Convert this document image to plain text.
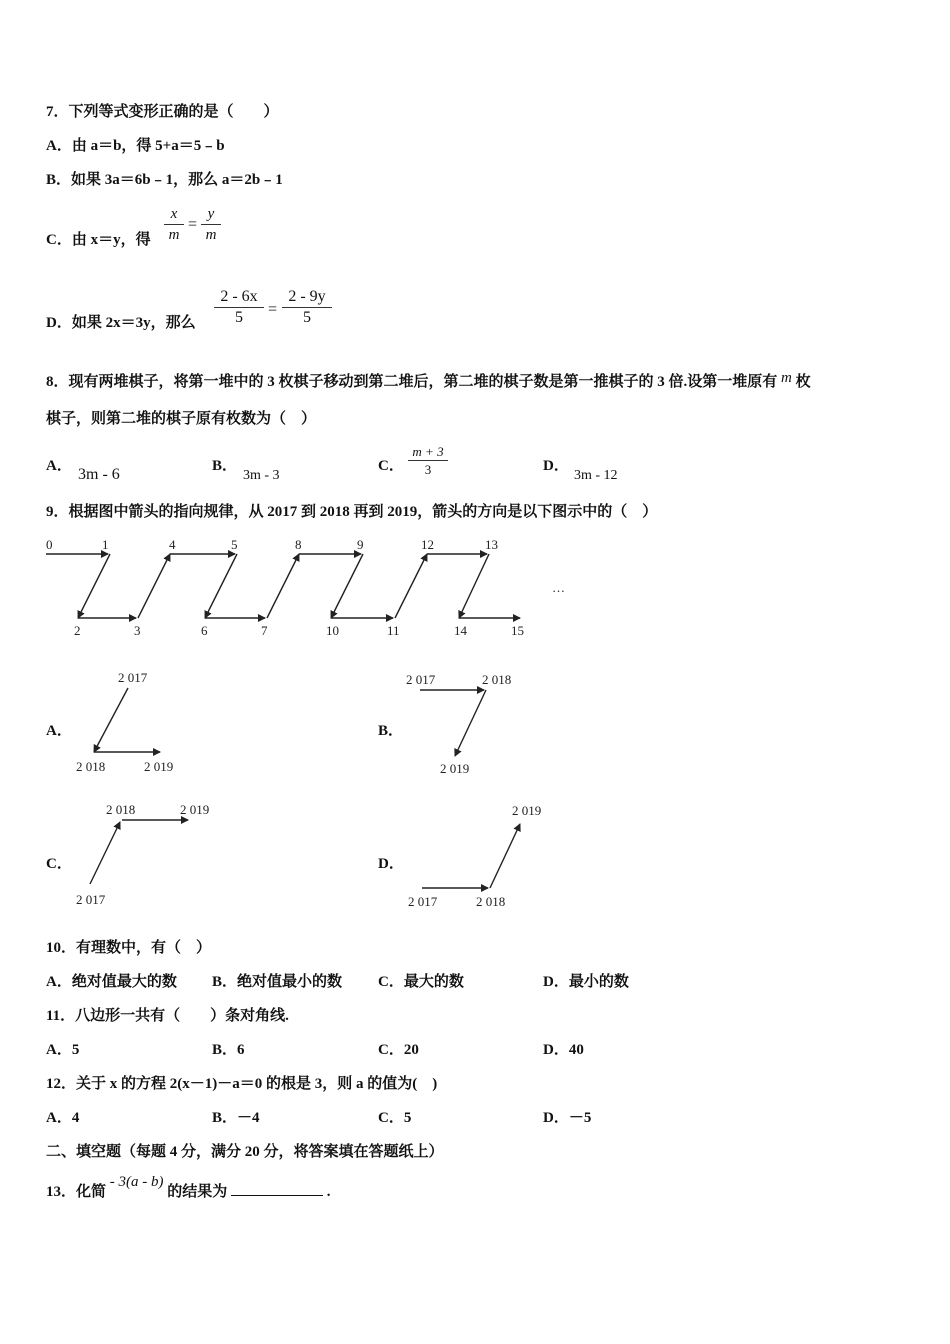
7．下列等式变形正确的是（　　）
A．由 a＝b，得 5+a＝5﹣b
B．如果 3a＝6b﹣1，那么 a＝2b﹣1
C．由 x＝y，得
x
m
=
y
m
D．如果 2x＝3y，那么
2 - 6x
5	=
2 - 9y
5
8．现有两堆棋子，将第一堆中的 3 枚棋子移动到第二堆后，第二堆的棋子数是第一推棋子的 3 倍.设第一堆原有 m 枚
棋子，则第二堆的棋子原有枚数为（　）
A． 3m - 6	B．
3m - 3
C．
m + 3
3	D．
3m - 12
9．根据图中箭头的指向规律，从 2017 到 2018 再到 2019，箭头的方向是以下图示中的（　）
0	1
2	3
4	5
6	7
8	9
10	11
12	13
14	15
…
A．
2 017
2 018	2 019
B．
2 017	2 018
2 019
C．
2 018	2 019
2 017
D．
2 019
2 017	2 018
10．有理数中，有（　）
A．绝对值最大的数 B．绝对值最小的数 C．最大的数	D．最小的数
11．八边形一共有（　　）条对角线.
A．5	B．6	C．20	D．40
12．关于 x 的方程 2(x－1)－a＝0 的根是 3，则 a 的值为(　)
A．4	B．－4	C．5	D．－5
二、填空题（每题 4 分，满分 20 分，将答案填在答题纸上）
13．化简 - 3(a - b) 的结果为	.
